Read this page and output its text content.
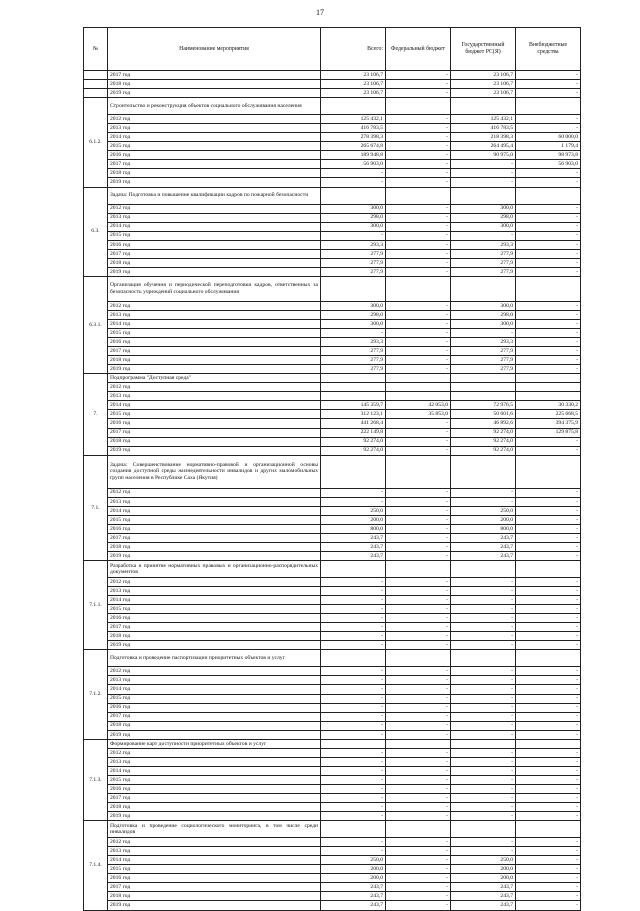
17
№	Наименование мероприятия	Всего:	Федеральный бюджет	Государственный бюджет РС(Я)	Внебюджетные средства
	2017 год	23 106,7	-	23 106,7	-
	2018 год	23 106,7	-	23 106,7	-
	2019 год	23 106,7	-	23 106,7	-
6.1.2.	Строительство и реконструкция объектов социального обслуживания населения				
	2012 год	125 432,1	-	125 432,1	-
	2013 год	416 783,5	-	416 783,5	-
	2014 год	278 398,3	-	218 398,3	60 000,0
	2015 год	265 674,8	-	264 495,4	1 179,4
	2016 год	189 948,8	-	90 975,0	98 973,8
	2017 год	56 903,0	-	-	56 903,0
	2018 год	-	-	-	-
	2019 год	-	-	-	-
6.3.	Задача: Подготовка и повышение квалификации кадров по пожарной безопасности				
	2012 год	300,0	-	300,0	-
	2013 год	298,0	-	298,0	-
	2014 год	300,0	-	300,0	-
	2015 год	-	-	-	-
	2016 год	293,3	-	293,3	-
	2017 год	277,9	-	277,9	-
	2018 год	277,9	-	277,9	-
	2019 год	277,9	-	277,9	-
6.3.1.	Организация обучения и периодической переподготовки кадров, ответственных за безопасность учреждений социального обслуживания				
	2012 год	300,0	-	300,0	-
	2013 год	298,0	-	298,0	-
	2014 год	300,0	-	300,0	-
	2015 год	-	-	-	-
	2016 год	293,3	-	293,3	-
	2017 год	277,9	-	277,9	-
	2018 год	277,9	-	277,9	-
	2019 год	277,9	-	277,9	-
7.	Подпрограмма "Доступная среда"				
	2012 год				
	2013 год				
	2014 год	145 359,7	42 053,0	72 976,5	30 330,2
	2015 год	312 123,1	35 853,0	50 601,6	225 668,5
	2016 год	441 268,4	-	46 892,6	394 375,9
	2017 год	222 149,8	-	92 274,0	129 875,8
	2018 год	92 274,0	-	92 274,0	-
	2019 год	92 274,0	-	92 274,0	-
7.1.	Задача: Совершенствование нормативно-правовой и организационной основы создания доступной среды жизнедеятельности инвалидов и других маломобильных групп населения в Республике Саха (Якутия)				
	2012 год	-	-	-	-
	2013 год	-	-	-	-
	2014 год	250,0	-	250,0	-
	2015 год	200,0	-	200,0	-
	2016 год	800,0	-	800,0	-
	2017 год	243,7	-	243,7	-
	2018 год	243,7	-	243,7	-
	2019 год	243,7	-	243,7	-
7.1.1.	Разработка и принятие нормативных правовых и организационно-распорядительных документов				
	2012 год	-	-	-	-
	2013 год	-	-	-	-
	2014 год	-	-	-	-
	2015 год	-	-	-	-
	2016 год	-	-	-	-
	2017 год	-	-	-	-
	2018 год	-	-	-	-
	2019 год	-	-	-	-
7.1.2.	Подготовка и проведение паспортизации приоритетных объектов и услуг				
	2012 год	-	-	-	-
	2013 год	-	-	-	-
	2014 год	-	-	-	-
	2015 год	-	-	-	-
	2016 год	-	-	-	-
	2017 год	-	-	-	-
	2018 год	-	-	-	-
	2019 год	-	-	-	-
7.1.3.	Формирование карт доступности приоритетных объектов и услуг				
	2012 год	-	-	-	-
	2013 год	-	-	-	-
	2014 год	-	-	-	-
	2015 год	-	-	-	-
	2016 год	-	-	-	-
	2017 год	-	-	-	-
	2018 год	-	-	-	-
	2019 год	-	-	-	-
7.1.4.	Подготовка и проведение социологического мониторинга, в том числе среди инвалидов				
	2012 год	-	-	-	-
	2013 год	-	-	-	-
	2014 год	250,0	-	250,0	-
	2015 год	200,0	-	200,0	-
	2016 год	200,0	-	200,0	-
	2017 год	243,7	-	243,7	-
	2018 год	243,7	-	243,7	-
	2019 год	243,7	-	243,7	-
